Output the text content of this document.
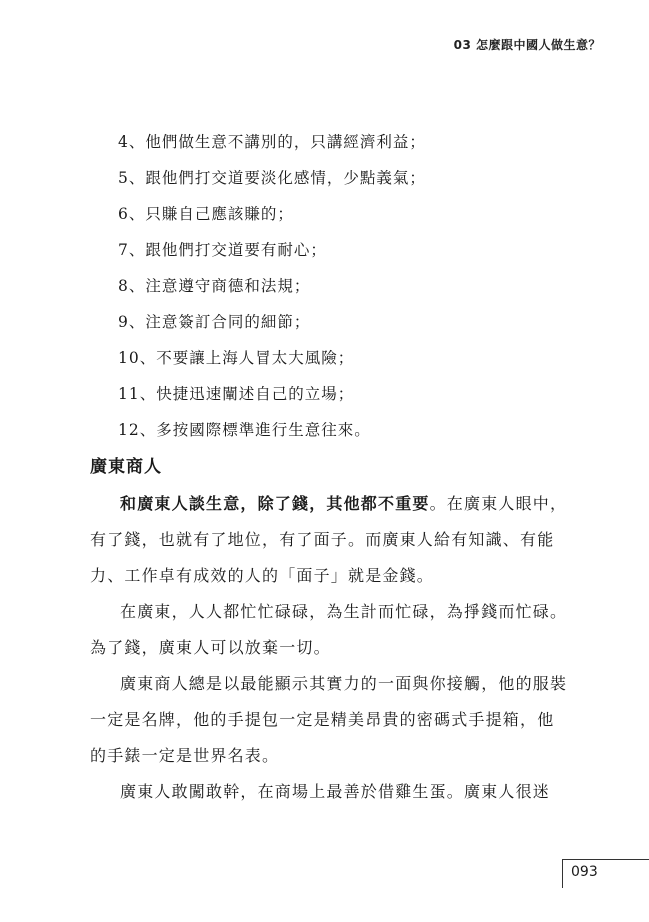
03 怎麼跟中國人做生意？
4、他們做生意不講別的，只講經濟利益；
5、跟他們打交道要淡化感情，少點義氣；
6、只賺自己應該賺的；
7、跟他們打交道要有耐心；
8、注意遵守商德和法規；
9、注意簽訂合同的細節；
10、不要讓上海人冒太大風險；
11、快捷迅速闡述自己的立場；
12、多按國際標準進行生意往來。
廣東商人
和廣東人談生意，除了錢，其他都不重要。在廣東人眼中，
有了錢，也就有了地位，有了面子。而廣東人給有知識、有能
力、工作卓有成效的人的「面子」就是金錢。
在廣東，人人都忙忙碌碌，為生計而忙碌，為掙錢而忙碌。
為了錢，廣東人可以放棄一切。
廣東商人總是以最能顯示其實力的一面與你接觸，他的服裝
一定是名牌，他的手提包一定是精美昂貴的密碼式手提箱，他
的手錶一定是世界名表。
廣東人敢闖敢幹，在商場上最善於借雞生蛋。廣東人很迷
093
